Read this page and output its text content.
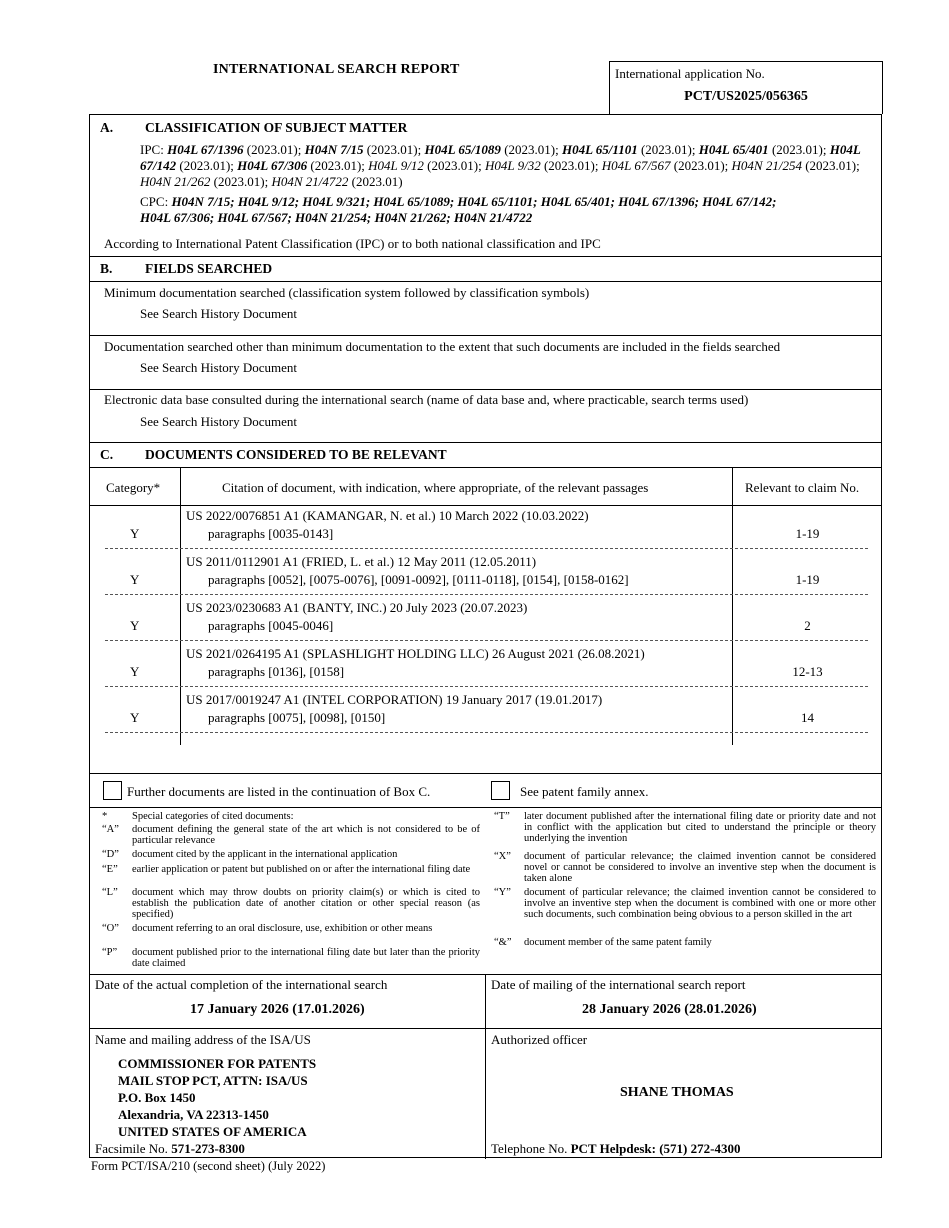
INTERNATIONAL SEARCH REPORT	International application No.
PCT/US2025/056365
A. CLASSIFICATION OF SUBJECT MATTER
IPC: H04L 67/1396 (2023.01); H04N 7/15 (2023.01); H04L 65/1089 (2023.01); H04L 65/1101 (2023.01); H04L 65/401 (2023.01); H04L 67/142 (2023.01); H04L 67/306 (2023.01); H04L 9/12 (2023.01); H04L 9/32 (2023.01); H04L 67/567 (2023.01); H04N 21/254 (2023.01); H04N 21/262 (2023.01); H04N 21/4722 (2023.01)
CPC: H04N 7/15; H04L 9/12; H04L 9/321; H04L 65/1089; H04L 65/1101; H04L 65/401; H04L 67/1396; H04L 67/142;
H04L 67/306; H04L 67/567; H04N 21/254; H04N 21/262; H04N 21/4722
According to International Patent Classification (IPC) or to both national classification and IPC
B. FIELDS SEARCHED
Minimum documentation searched (classification system followed by classification symbols)
See Search History Document
Documentation searched other than minimum documentation to the extent that such documents are included in the fields searched
See Search History Document
Electronic data base consulted during the international search (name of data base and, where practicable, search terms used)
See Search History Document
C. DOCUMENTS CONSIDERED TO BE RELEVANT
Category*	Citation of document, with indication, where appropriate, of the relevant passages	Relevant to claim No.
Y
US 2022/0076851 A1 (KAMANGAR, N. et al.) 10 March 2022 (10.03.2022)
paragraphs [0035-0143]	1-19
Y
US 2011/0112901 A1 (FRIED, L. et al.) 12 May 2011 (12.05.2011)
paragraphs [0052], [0075-0076], [0091-0092], [0111-0118], [0154], [0158-0162]	1-19
Y
US 2023/0230683 A1 (BANTY, INC.) 20 July 2023 (20.07.2023)
paragraphs [0045-0046]	2
Y
US 2021/0264195 A1 (SPLASHLIGHT HOLDING LLC) 26 August 2021 (26.08.2021)
paragraphs [0136], [0158]	12-13
Y
US 2017/0019247 A1 (INTEL CORPORATION) 19 January 2017 (19.01.2017)
paragraphs [0075], [0098], [0150]	14
Further documents are listed in the continuation of Box C.	See patent family annex.
* Special categories of cited documents:
“A” document defining the general state of the art which is not considered to be of particular relevance
“D” document cited by the applicant in the international application
“E” earlier application or patent but published on or after the international filing date
“L” document which may throw doubts on priority claim(s) or which is cited to establish the publication date of another citation or other special reason (as specified)
“O” document referring to an oral disclosure, use, exhibition or other means
“P” document published prior to the international filing date but later than the priority date claimed
“T” later document published after the international filing date or priority date and not in conflict with the application but cited to understand the principle or theory underlying the invention
“X” document of particular relevance; the claimed invention cannot be considered novel or cannot be considered to involve an inventive step when the document is taken alone
“Y” document of particular relevance; the claimed invention cannot be considered to involve an inventive step when the document is combined with one or more other such documents, such combination being obvious to a person skilled in the art
“&” document member of the same patent family
Date of the actual completion of the international search
17 January 2026 (17.01.2026)
Date of mailing of the international search report
28 January 2026 (28.01.2026)
Name and mailing address of the ISA/US
COMMISSIONER FOR PATENTS
MAIL STOP PCT, ATTN: ISA/US
P.O. Box 1450
Alexandria, VA 22313-1450
UNITED STATES OF AMERICA
Facsimile No. 571-273-8300
Authorized officer
SHANE THOMAS
Telephone No. PCT Helpdesk: (571) 272-4300
Form PCT/ISA/210 (second sheet) (July 2022)
